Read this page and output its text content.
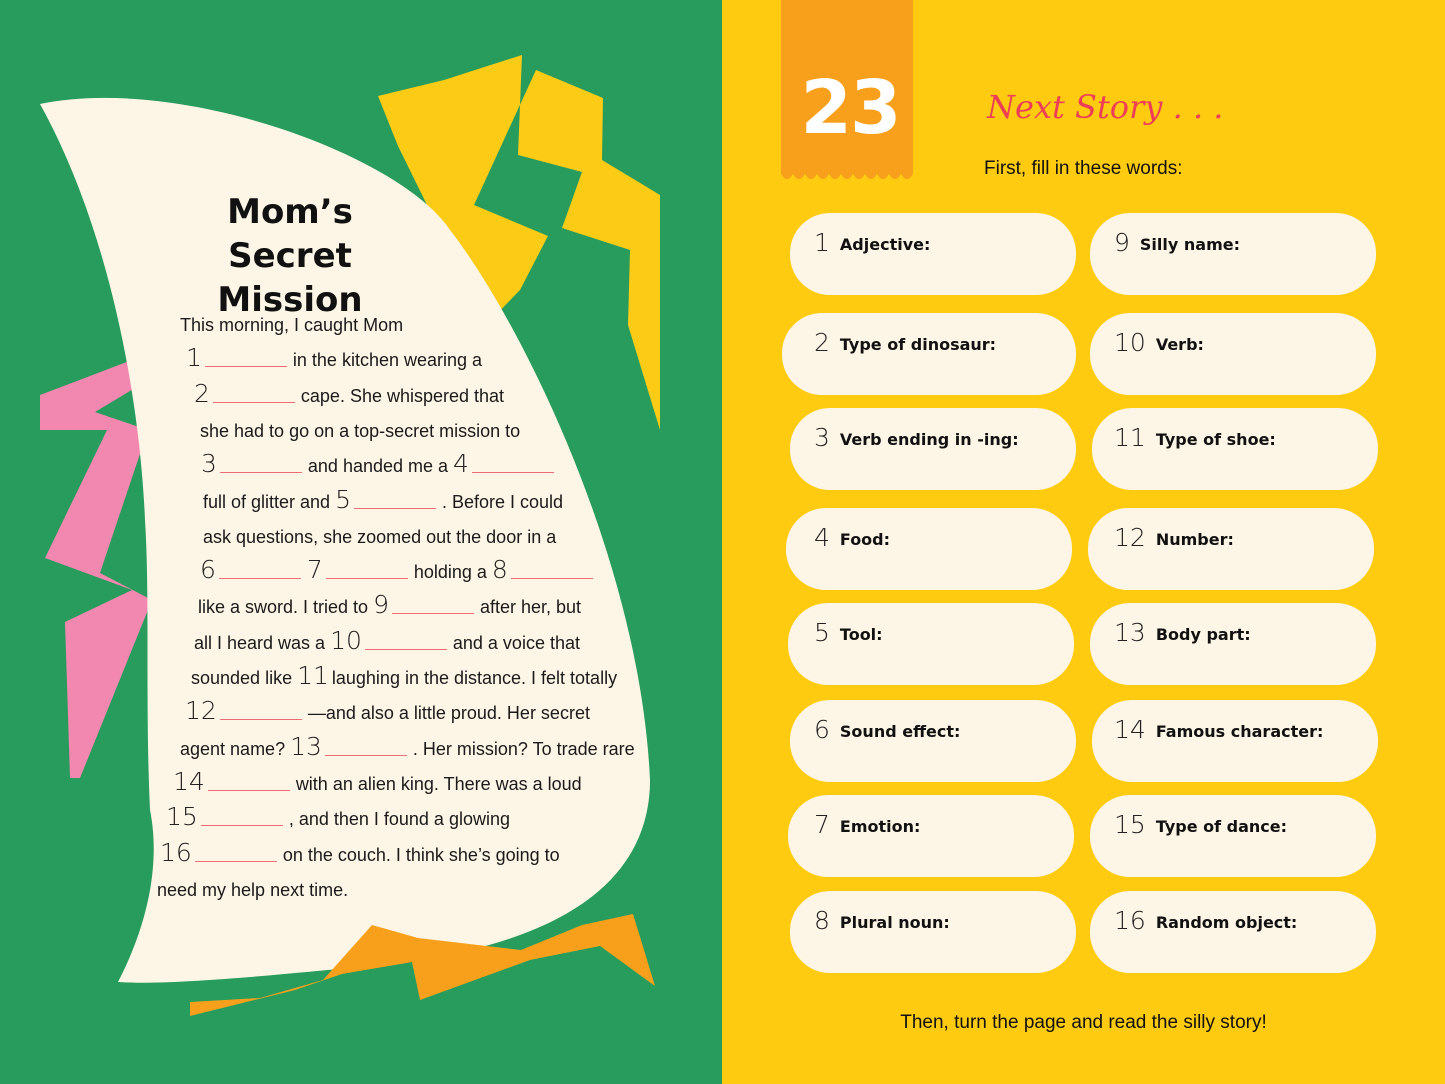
Mom’s
Secret Mission
This morning, I caught Mom
1	in the kitchen wearing a
2	cape. She whispered that
she had to go on a top-secret mission to
3	and handed me a 4
full of glitter and 5	. Before I could
ask questions, she zoomed out the door in a
6	7	holding a 8
like a sword. I tried to 9	after her, but
all I heard was a 10	and a voice that
sounded like 11 laughing in the distance. I felt totally
12	—and also a little proud. Her secret
agent name? 13	. Her mission? To trade rare
14	with an alien king. There was a loud
15	, and then I found a glowing
16	on the couch. I think she’s going to
need my help next time.
23	Next Story . . .
First, fill in these words:
1 Adjective:	9 Silly name:
2 Type of dinosaur:	10 Verb:
3 Verb ending in -ing:	11 Type of shoe:
4 Food:	12 Number:
5 Tool:	13 Body part:
6 Sound effect:	14 Famous character:
7 Emotion:	15 Type of dance:
8 Plural noun:	16 Random object:
Then, turn the page and read the silly story!
